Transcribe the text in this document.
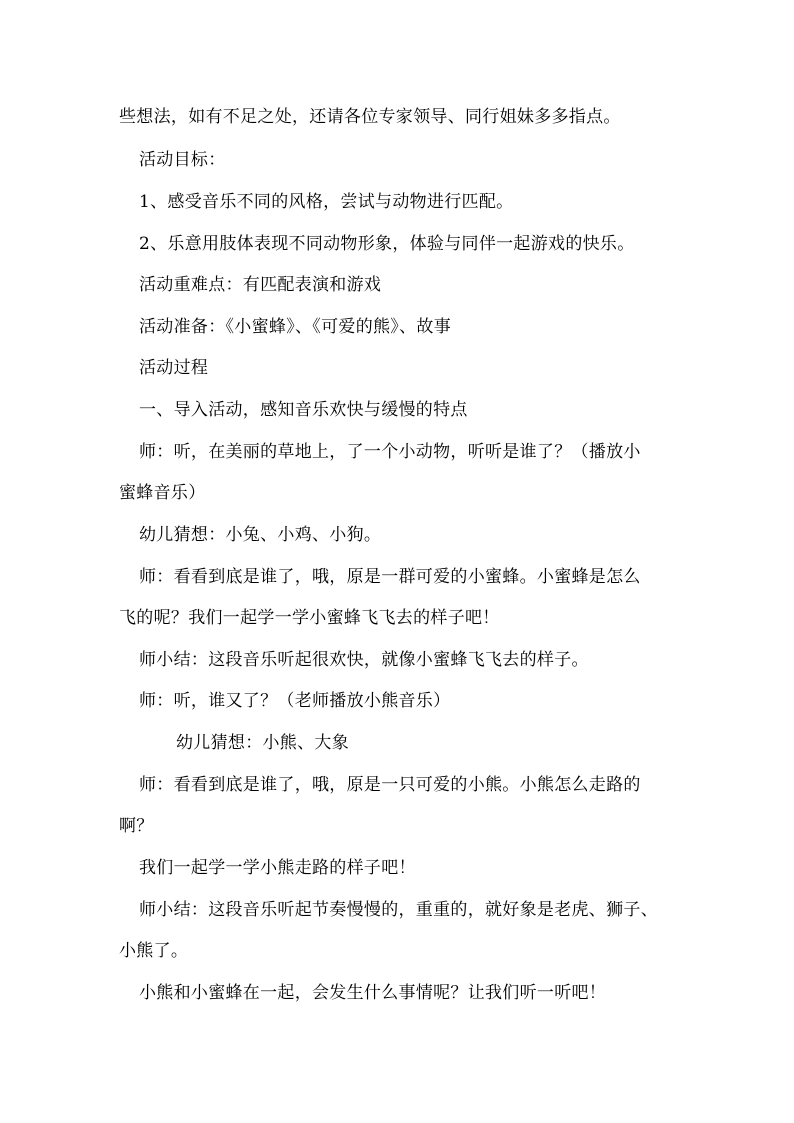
些想法，如有不足之处，还请各位专家领导、同行姐妹多多指点。
活动目标：
1、感受音乐不同的风格，尝试与动物进行匹配。
2、乐意用肢体表现不同动物形象，体验与同伴一起游戏的快乐。
活动重难点：有匹配表演和游戏
活动准备：《小蜜蜂》、《可爱的熊》、故事
活动过程
一、导入活动，感知音乐欢快与缓慢的特点
师：听，在美丽的草地上，了一个小动物，听听是谁了？（播放小
蜜蜂音乐）
幼儿猜想：小兔、小鸡、小狗。
师：看看到底是谁了，哦，原是一群可爱的小蜜蜂。小蜜蜂是怎么
飞的呢？我们一起学一学小蜜蜂飞飞去的样子吧！
师小结：这段音乐听起很欢快，就像小蜜蜂飞飞去的样子。
师：听，谁又了？（老师播放小熊音乐）
幼儿猜想：小熊、大象
师：看看到底是谁了，哦，原是一只可爱的小熊。小熊怎么走路的
啊？
我们一起学一学小熊走路的样子吧！
师小结：这段音乐听起节奏慢慢的，重重的，就好象是老虎、狮子、
小熊了。
小熊和小蜜蜂在一起，会发生什么事情呢？让我们听一听吧！
